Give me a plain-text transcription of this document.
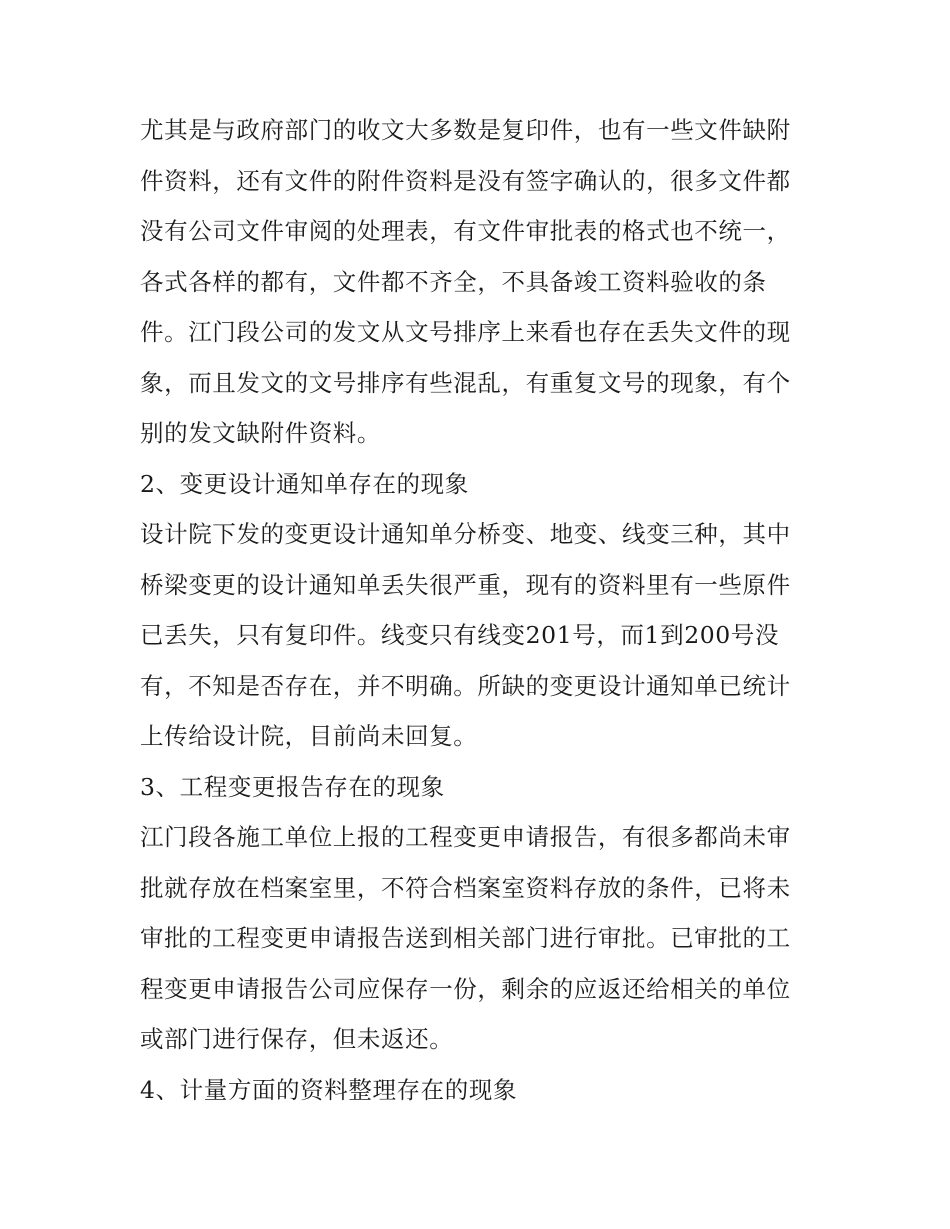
尤其是与政府部门的收文大多数是复印件，也有一些文件缺附
件资料，还有文件的附件资料是没有签字确认的，很多文件都
没有公司文件审阅的处理表，有文件审批表的格式也不统一，
各式各样的都有，文件都不齐全，不具备竣工资料验收的条
件。江门段公司的发文从文号排序上来看也存在丢失文件的现
象，而且发文的文号排序有些混乱，有重复文号的现象，有个
别的发文缺附件资料。
2、变更设计通知单存在的现象
设计院下发的变更设计通知单分桥变、地变、线变三种，其中
桥梁变更的设计通知单丢失很严重，现有的资料里有一些原件
已丢失，只有复印件。线变只有线变201号，而1到200号没
有，不知是否存在，并不明确。所缺的变更设计通知单已统计
上传给设计院，目前尚未回复。
3、工程变更报告存在的现象
江门段各施工单位上报的工程变更申请报告，有很多都尚未审
批就存放在档案室里，不符合档案室资料存放的条件，已将未
审批的工程变更申请报告送到相关部门进行审批。已审批的工
程变更申请报告公司应保存一份，剩余的应返还给相关的单位
或部门进行保存，但未返还。
4、计量方面的资料整理存在的现象
